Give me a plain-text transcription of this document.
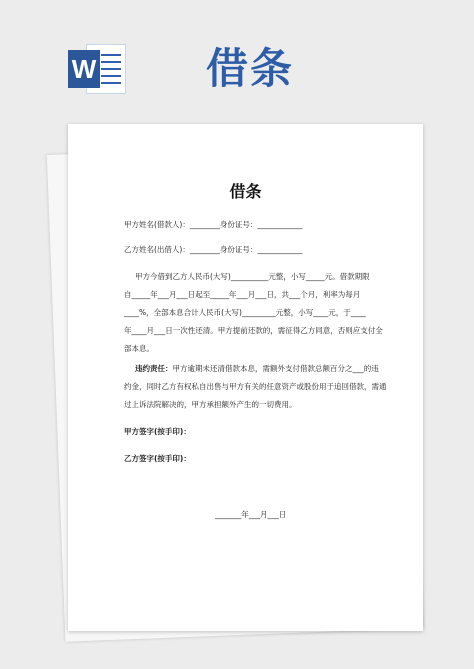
W	借条
借条
甲方姓名(借款人)：________身份证号：____________
乙方姓名(出借人)：________身份证号：____________
甲方今借到乙方人民币(大写)__________元整，小写_____元。借款期限
自_____年___月___日起至_____年___月___日，共___个月，利率为每月
____%，全部本息合计人民币(大写)_________元整，小写____元，于____
年____月___日一次性还清。甲方提前还款的，需征得乙方同意，否则应支付全
部本息。
违约责任：甲方逾期未还清借款本息，需额外支付借款总额百分之___的违
约金，同时乙方有权私自出售与甲方有关的任意资产或股份用于追回借款，需通
过上诉法院解决的，甲方承担额外产生的一切费用。
甲方签字(按手印)：
乙方签字(按手印)：
_______年___月___日
